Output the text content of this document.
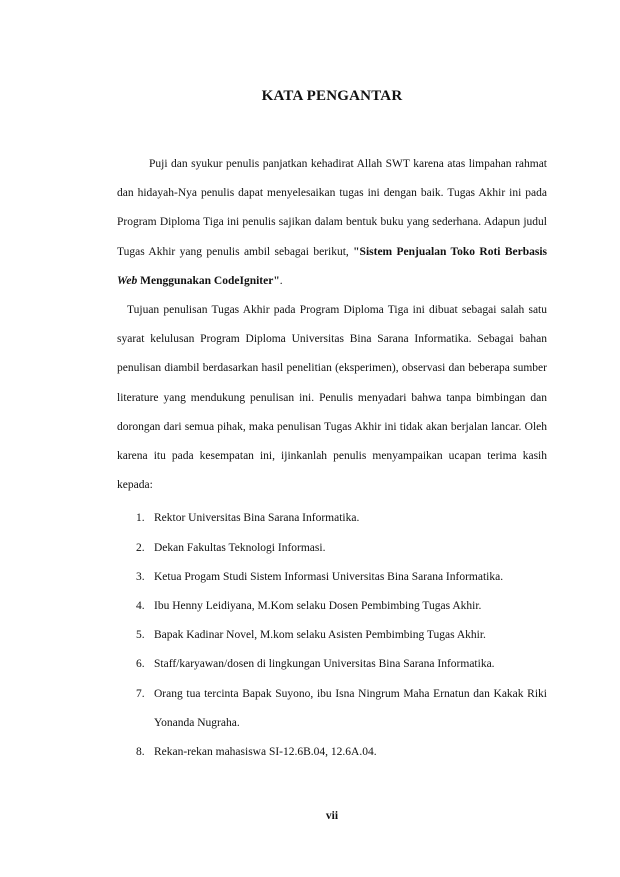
KATA PENGANTAR

Puji dan syukur penulis panjatkan kehadirat Allah SWT karena atas limpahan rahmat dan hidayah-Nya penulis dapat menyelesaikan tugas ini dengan baik. Tugas Akhir ini pada Program Diploma Tiga ini penulis sajikan dalam bentuk buku yang sederhana. Adapun judul Tugas Akhir yang penulis ambil sebagai berikut, "Sistem Penjualan Toko Roti Berbasis Web Menggunakan CodeIgniter".

Tujuan penulisan Tugas Akhir pada Program Diploma Tiga ini dibuat sebagai salah satu syarat kelulusan Program Diploma Universitas Bina Sarana Informatika. Sebagai bahan penulisan diambil berdasarkan hasil penelitian (eksperimen), observasi dan beberapa sumber literature yang mendukung penulisan ini. Penulis menyadari bahwa tanpa bimbingan dan dorongan dari semua pihak, maka penulisan Tugas Akhir ini tidak akan berjalan lancar. Oleh karena itu pada kesempatan ini, ijinkanlah penulis menyampaikan ucapan terima kasih kepada:

1. Rektor Universitas Bina Sarana Informatika.
2. Dekan Fakultas Teknologi Informasi.
3. Ketua Progam Studi Sistem Informasi Universitas Bina Sarana Informatika.
4. Ibu Henny Leidiyana, M.Kom selaku Dosen Pembimbing Tugas Akhir.
5. Bapak Kadinar Novel, M.kom selaku Asisten Pembimbing Tugas Akhir.
6. Staff/karyawan/dosen di lingkungan Universitas Bina Sarana Informatika.
7. Orang tua tercinta Bapak Suyono, ibu Isna Ningrum Maha Ernatun dan Kakak Riki Yonanda Nugraha.
8. Rekan-rekan mahasiswa SI-12.6B.04, 12.6A.04.
vii
